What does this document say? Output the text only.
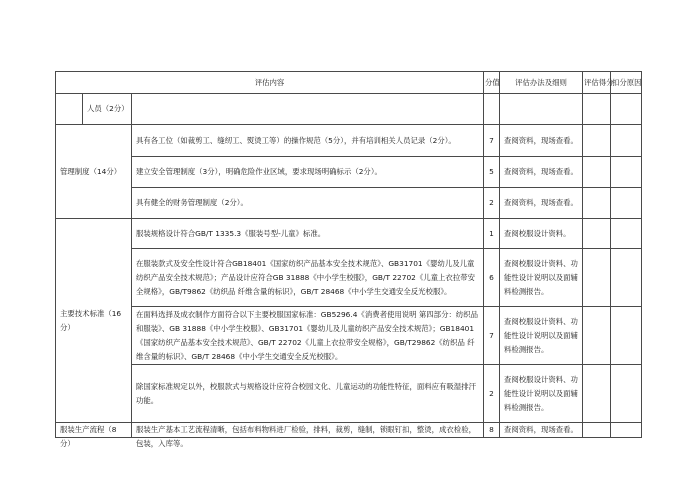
评估内容			分值	评估办法及细则	评估得分	扣分原因
	人员（2分）					
管理制度（14分）		具有各工位（如裁剪工、缝纫工、熨烫工等）的操作规范（5分），并有培训相关人员记录（2分）。	7	查阅资料，现场查看。		
		建立安全管理制度（3分），明确危险作业区域，要求现场明确标示（2分）。	5	查阅资料，现场查看。		
		具有健全的财务管理制度（2分）。	2	查阅资料，现场查看。		
主要技术标准（16分）		服装规格设计符合GB/T 1335.3《服装号型-儿童》标准。	1	查阅校服设计资料。		
		在服装款式及安全性设计符合GB18401《国家纺织产品基本安全技术规范》、GB31701《婴幼儿及儿童纺织产品安全技术规范》；产品设计应符合GB 31888《中小学生校服》，GB/T 22702《儿童上衣拉带安全规格》，GB/T9862《纺织品 纤维含量的标识》，GB/T 28468《中小学生交通安全反光校服》。	6	查阅校服设计资料、功能性设计说明以及面辅料检测报告。		
		在面料选择及成衣制作方面符合以下主要校服国家标准：GB5296.4《消费者使用说明 第四部分：纺织品和服装》、GB 31888《中小学生校服》、GB31701《婴幼儿及儿童纺织产品安全技术规范》；GB18401《国家纺织产品基本安全技术规范》、GB/T 22702《儿童上衣拉带安全规格》，GB/T29862《纺织品 纤维含量的标识》、GB/T 28468《中小学生交通安全反光校服》。	7	查阅校服设计资料、功能性设计说明以及面辅料检测报告。		
		除国家标准规定以外，校服款式与规格设计应符合校园文化、儿童运动的功能性特征，面料应有吸湿排汗功能。	2	查阅校服设计资料、功能性设计说明以及面辅料检测报告。		

服装生产流程（8分）		服装生产基本工艺流程清晰，包括布料物料进厂检验，排料，裁剪，缝制，锁眼钉扣，整烫，成衣检验，包装，入库等。	8	查阅资料，现场查看。		
